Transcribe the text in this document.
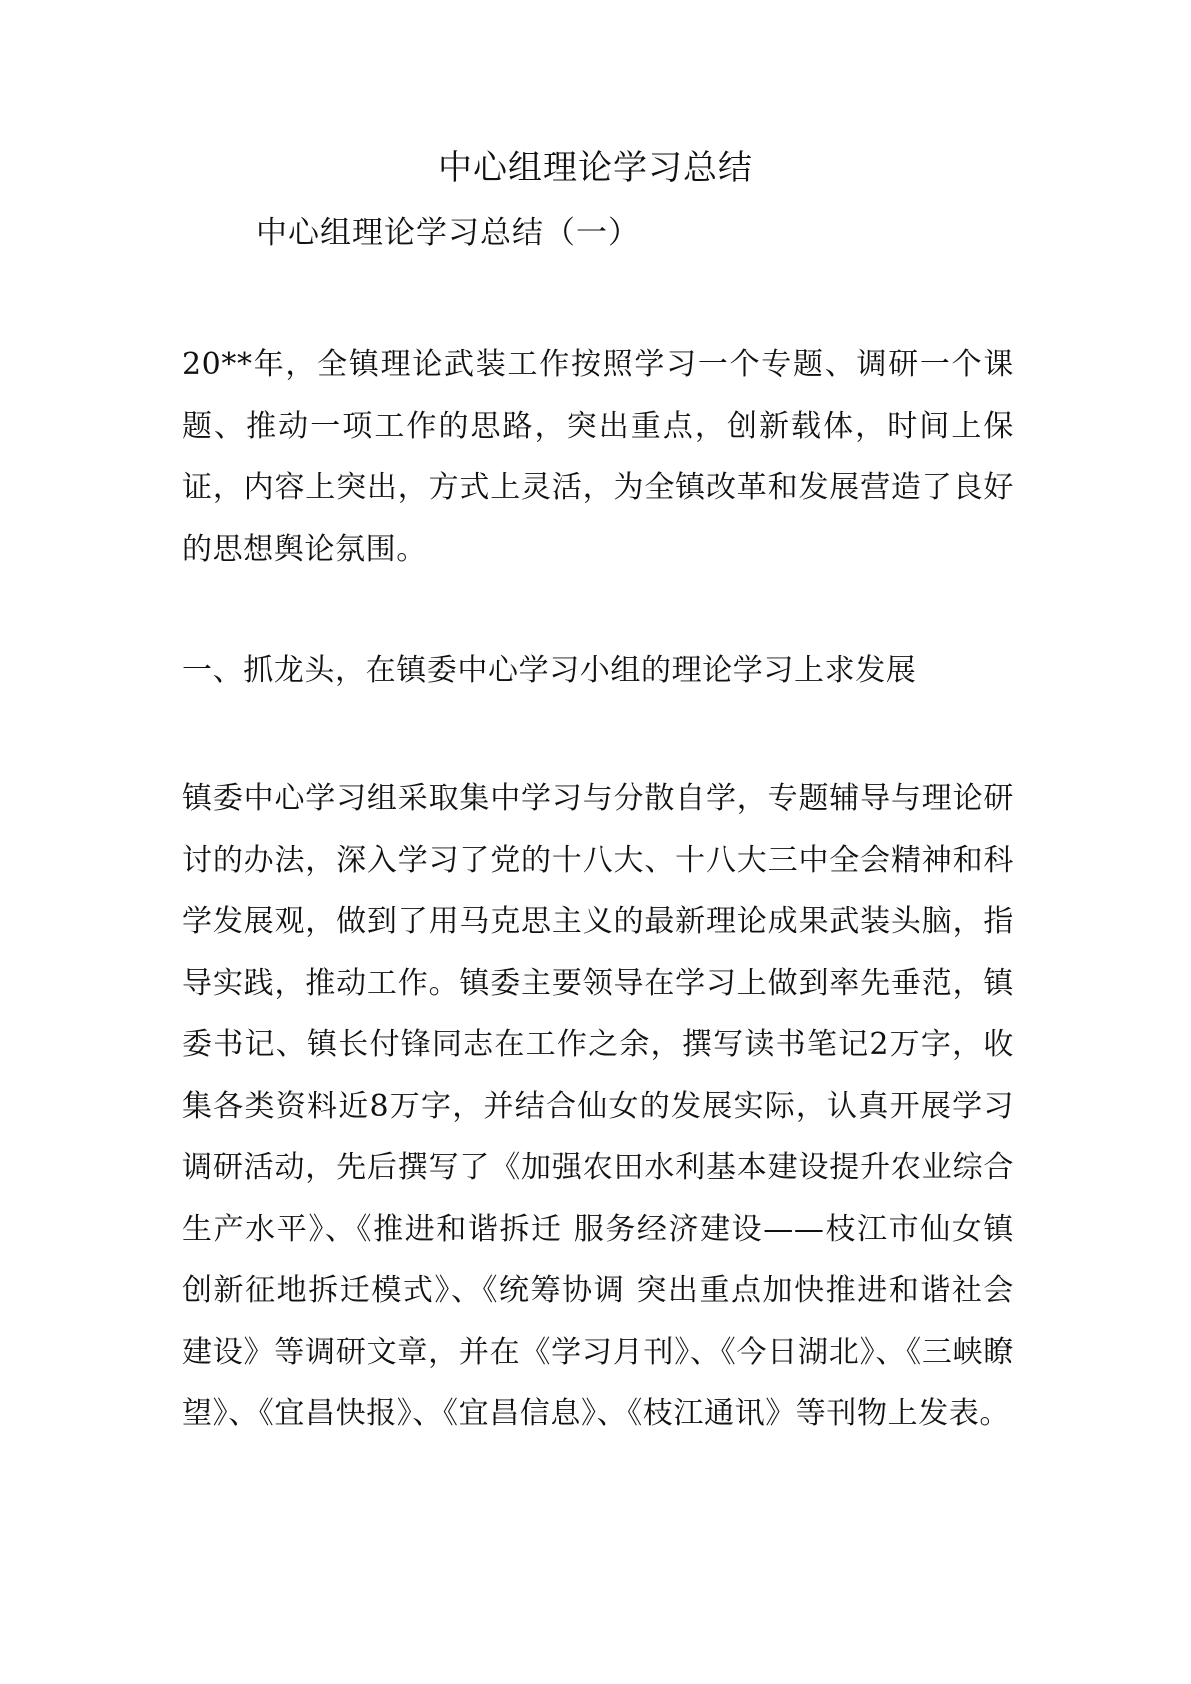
中心组理论学习总结
中心组理论学习总结（一）

20**年，全镇理论武装工作按照学习一个专题、调研一个课题、推动一项工作的思路，突出重点，创新载体，时间上保证，内容上突出，方式上灵活，为全镇改革和发展营造了良好的思想舆论氛围。

一、抓龙头，在镇委中心学习小组的理论学习上求发展

镇委中心学习组采取集中学习与分散自学，专题辅导与理论研讨的办法，深入学习了党的十八大、十八大三中全会精神和科学发展观，做到了用马克思主义的最新理论成果武装头脑，指导实践，推动工作。镇委主要领导在学习上做到率先垂范，镇委书记、镇长付锋同志在工作之余，撰写读书笔记2万字，收集各类资料近8万字，并结合仙女的发展实际，认真开展学习调研活动，先后撰写了《加强农田水利基本建设提升农业综合生产水平》、《推进和谐拆迁 服务经济建设——枝江市仙女镇创新征地拆迁模式》、《统筹协调 突出重点加快推进和谐社会建设》等调研文章，并在《学习月刊》、《今日湖北》、《三峡瞭望》、《宜昌快报》、《宜昌信息》、《枝江通讯》等刊物上发表。
